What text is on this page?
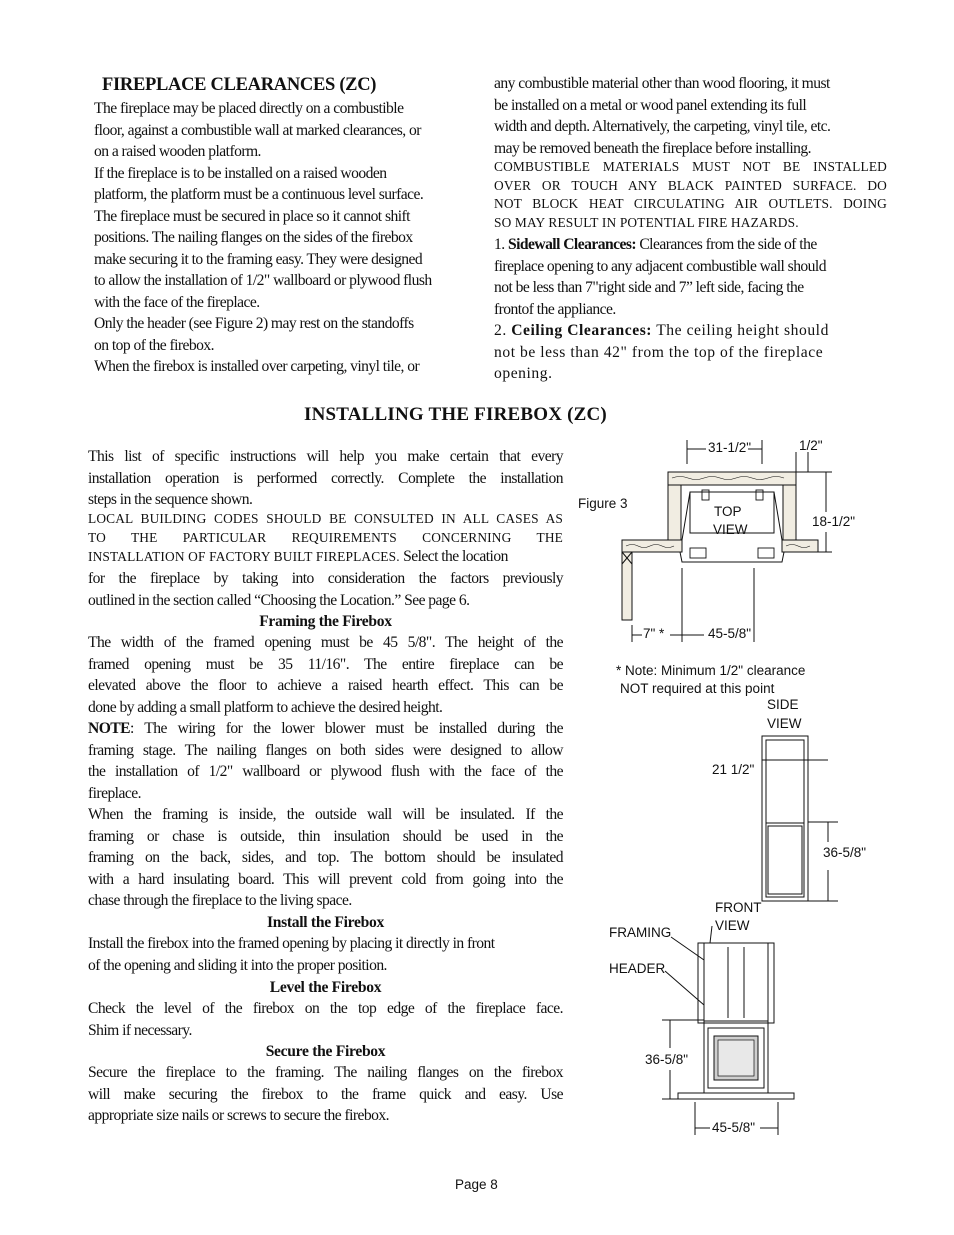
FIREPLACE CLEARANCES (ZC)
The fireplace may be placed directly on a combustible
floor, against a combustible wall at marked clearances, or
on a raised wooden platform.
If the fireplace is to be installed on a raised wooden
platform, the platform must be a continuous level surface.
The fireplace must be secured in place so it cannot shift
positions. The nailing flanges on the sides of the firebox
make securing it to the framing easy. They were designed
to allow the installation of 1/2" wallboard or plywood flush
with the face of the fireplace.
Only the header (see Figure 2) may rest on the standoffs
on top of the firebox.
When the firebox is installed over carpeting, vinyl tile, or
any combustible material other than wood flooring, it must
be installed on a metal or wood panel extending its full
width and depth. Alternatively, the carpeting, vinyl tile, etc.
may be removed beneath the fireplace before installing.
COMBUSTIBLE MATERIALS MUST NOT BE INSTALLED
OVER OR TOUCH ANY BLACK PAINTED SURFACE. DO
NOT BLOCK HEAT CIRCULATING AIR OUTLETS. DOING
SO MAY RESULT IN POTENTIAL FIRE HAZARDS.
1. Sidewall Clearances: Clearances from the side of the
fireplace opening to any adjacent combustible wall should
not be less than 7"right side and 7” left side, facing the
frontof the appliance.
2. Ceiling Clearances: The ceiling height should
not be less than 42" from the top of the fireplace
opening.
INSTALLING THE FIREBOX (ZC)
This list of specific instructions will help you make certain that every
installation operation is performed correctly. Complete the installation
steps in the sequence shown.
LOCAL BUILDING CODES SHOULD BE CONSULTED IN ALL CASES AS
TO THE PARTICULAR REQUIREMENTS CONCERNING THE
INSTALLATION OF FACTORY BUILT FIREPLACES. Select the location
for the fireplace by taking into consideration the factors previously
outlined in the section called “Choosing the Location.” See page 6.
Framing the Firebox
The width of the framed opening must be 45 5/8". The height of the
framed opening must be 35 11/16". The entire fireplace can be
elevated above the floor to achieve a raised hearth effect. This can be
done by adding a small platform to achieve the desired height.
NOTE: The wiring for the lower blower must be installed during the
framing stage. The nailing flanges on both sides were designed to allow
the installation of 1/2" wallboard or plywood flush with the face of the
fireplace.
When the framing is inside, the outside wall will be insulated. If the
framing or chase is outside, thin insulation should be used in the
framing on the back, sides, and top. The bottom should be insulated
with a hard insulating board. This will prevent cold from going into the
chase through the fireplace to the living space.
Install the Firebox
Install the firebox into the framed opening by placing it directly in front
of the opening and sliding it into the proper position.
Level the Firebox
Check the level of the firebox on the top edge of the fireplace face.
Shim if necessary.
Secure the Firebox
Secure the fireplace to the framing. The nailing flanges on the firebox
will make securing the firebox to the frame quick and easy. Use
appropriate size nails or screws to secure the firebox.
Figure 3
31-1/2"	1/2"
18-1/2"
TOP
VIEW
7" *	45-5/8"
* Note: Minimum 1/2" clearance
NOT required at this point
SIDE
VIEW
21 1/2"
36-5/8"
FRONT
VIEW
FRAMING
HEADER
36-5/8"
45-5/8"
Page 8
